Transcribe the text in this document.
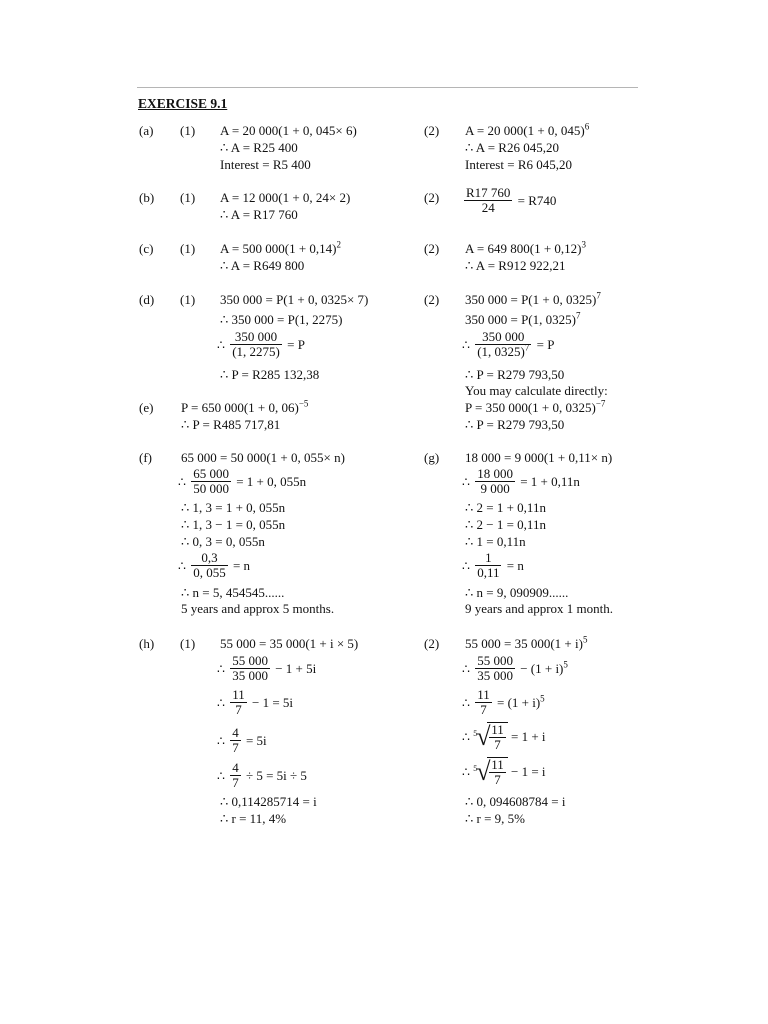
EXERCISE 9.1
(a) (1) A = 20 000(1 + 0, 045× 6)
∴ A = R25 400
Interest = R5 400
(2) A = 20 000(1 + 0, 045)$^6$
∴ A = R26 045,20
Interest = R6 045,20
(b) (1) A = 12 000(1 + 0, 24× 2)
∴ A = R17 760
$(2) \frac{R17 760}{24} = R740$
(c) (1) A = 500 $000(1 + 0,14)^2$
∴ A = R649 800
(2) A = 649 $800(1 + 0,12)^3$
∴ A = R912 922,21
(d) (1) 350 000 = P(1 + 0, 0325× 7)
∴ 350 000 = P(1, 2275)
∴ $\frac{350 000}{(1, 2275)} = P$
∴ P = R285 132,38
(2) 350 000 = P(1 + 0, 0325)$^7$
350 000 = P(1, 0325)$^7$
∴ $\frac{350 000}{(1, 0325)^7} = P$
∴ P = R279 793,50
You may calculate directly:
P = 350 000(1 + 0, 0325)$^{-7}$
∴ P = R279 793,50
(e) P = 650 000(1 + 0, 06)$^{-5}$
∴ P = R485 717,81
(f) 65 000 = 50 000(1 + 0, 055× n)
∴ $\frac{65 000}{50 000} = 1 + 0$, 055n
∴ 1, 3 = 1 + 0, 055n
∴ 1, 3 − 1 = 0, 055n
∴ 0, 3 = 0, 055n
∴ $\frac{0,3}{0, 055} = n$
∴ n = 5, 454545......
5 years and approx 5 months.
(g) 18 000 = 9 000(1 + 0,11× n)
∴ $\frac{18 000}{9 000} = 1 + 0,11n$
∴ 2 = 1 + 0,11n
∴ 2 − 1 = 0,11n
∴ 1 = 0,11n
∴ $\frac{1}{0,11} = n$
∴ n = 9, 090909......
9 years and approx 1 month.
(h) (1) 55 000 = 35 000(1 + i × 5)
∴ $\frac{55 000}{35 000} - 1 + 5i$
∴ $\frac{11}{7} - 1 = 5i$
∴ $\frac{4}{7} = 5i$
∴ $\frac{4}{7} \div 5 = 5i \div 5$
∴ 0,114285714 = i
∴ r = 11, 4%
(2) 55 000 = 35 $000(1 + i)^5$
∴ $\frac{55 000}{35 000} - (1 + i)^5$
∴ $\frac{11}{7} = (1 + i)^5$
∴ 5 √
$\frac{11}{7} = 1 + i$
∴ 5 √
$\frac{11}{7} - 1 = i$
∴ 0, 094608784 = i
∴ r = 9, 5%
